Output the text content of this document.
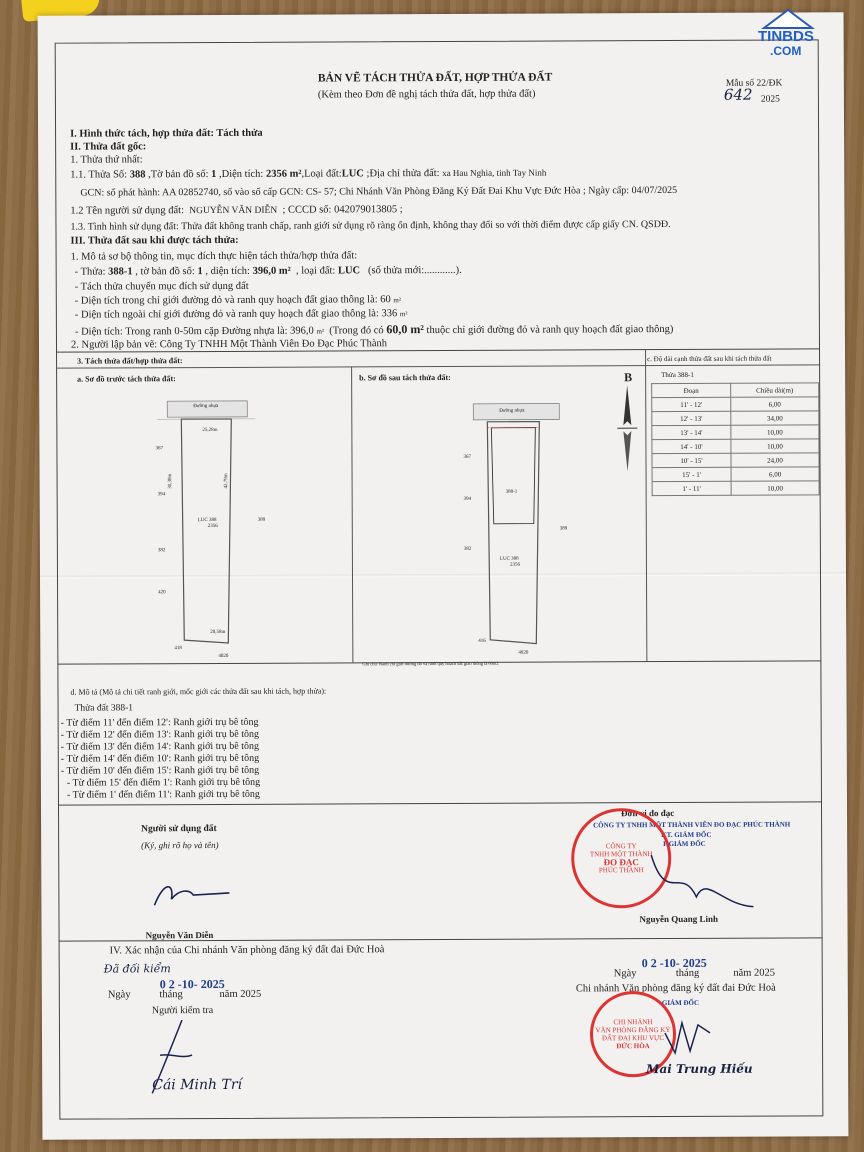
BẢN VẼ TÁCH THỬA ĐẤT, HỢP THỬA ĐẤT
(Kèm theo Đơn đề nghị tách thửa đất, hợp thửa đất)
Mẫu số 22/ĐK
642 2025
I. Hình thức tách, hợp thửa đất: Tách thửa
II. Thửa đất gốc:
1. Thửa thứ nhất:
1.1. Thửa Số: 388 ,Tờ bản đồ số: 1 ,Diện tích: 2356 m²,Loại đất:LUC ;Địa chỉ thửa đất: xa Hau Nghia, tinh Tay Ninh
GCN: số phát hành: AA 02852740, số vào số cấp GCN: CS- 57; Chi Nhánh Văn Phòng Đăng Ký Đất Đai Khu Vực Đức Hòa ; Ngày cấp: 04/07/2025
1.2 Tên người sử dụng đất: NGUYỄN VĂN DIỄN ; CCCD số: 042079013805 ;
1.3. Tình hình sử dụng đất: Thửa đất không tranh chấp, ranh giới sử dụng rõ ràng ổn định, không thay đổi so với thời điểm được cấp giấy CN. QSDĐ.
III. Thửa đất sau khi được tách thửa:
1. Mô tả sơ bộ thông tin, mục đích thực hiện tách thửa/hợp thửa đất:
- Thửa: 388-1 , tờ bản đồ số: 1 , diện tích: 396,0 m² , loại đất: LUC (số thửa mới:............).
- Tách thửa chuyển mục đích sử dụng đất
- Diện tích trong chỉ giới đường đỏ và ranh quy hoạch đất giao thông là: 60 m²
- Diện tích ngoài chỉ giới đường đỏ và ranh quy hoạch đất giao thông là: 336 m²
- Diện tích: Trong ranh 0-50m cặp Đường nhựa là: 396,0 m² (Trong đó có 60,0 m² thuộc chỉ giới đường đỏ và ranh quy hoạch đất giao thông)
2. Người lập bản vẽ: Công Ty TNHH Một Thành Viên Đo Đạc Phúc Thành
3. Tách thửa đất/hợp thửa đất:	c. Độ dài cạnh thửa đất sau khi tách thửa đất
a. Sơ đồ trước tách thửa đất:	b. Sơ đồ sau tách thửa đất:
Đường nhựa
25,28m
LUC 388
2356
30,38m	42,79m
20,58m
367
394
382
420
389
418
4020
Đường nhựa
388-1
LUC 388
2356
367
394
382
389
416
4020
Ghi chú: Ranh chỉ giới đường đỏ và ranh quy hoạch đất giao thông là 60m2
B	Thửa 388-1
Đoạn	Chiều dài(m)
11' - 12'	6,00
12' - 13'	34,00
13' - 14'	10,00
14' - 10'	10,00
10' - 15'	24,00
15' - 1'	6,00
1' - 11'	10,00
d. Mô tả (Mô tả chi tiết ranh giới, mốc giới các thửa đất sau khi tách, hợp thửa):
Thửa đất 388-1
- Từ điểm 11' đến điểm 12': Ranh giới trụ bê tông
- Từ điểm 12' đến điểm 13': Ranh giới trụ bê tông
- Từ điểm 13' đến điểm 14': Ranh giới trụ bê tông
- Từ điểm 14' đến điểm 10': Ranh giới trụ bê tông
- Từ điểm 10' đến điểm 15': Ranh giới trụ bê tông
- Từ điểm 15' đến điểm 1': Ranh giới trụ bê tông
- Từ điểm 1' đến điểm 11': Ranh giới trụ bê tông
Người sử dụng đất
(Ký, ghi rõ họ và tên)
Nguyễn Văn Diễn
Đơn vị đo đạc
CÔNG TY TNHH MỘT THÀNH VIÊN ĐO ĐẠC PHÚC THÀNH
KT. GIÁM ĐỐC
P.GIÁM ĐỐC
CÔNG TY
TNHH MỘT THÀNH
ĐO ĐẠC
PHÚC THÀNH
Nguyễn Quang Linh
IV. Xác nhận của Chi nhánh Văn phòng đăng ký đất đai Đức Hoà
Đã đối kiểm
Ngày	tháng	năm 2025
0 2 -10- 2025
Người kiểm tra
Cái Minh Trí
0 2 -10- 2025
Ngày	tháng	năm 2025
Chi nhánh Văn phòng đăng ký đất đai Đức Hoà
GIÁM ĐỐC
CHI NHÁNH
VĂN PHÒNG ĐĂNG KÝ
ĐẤT ĐAI KHU VỰC
ĐỨC HÒA
Mai Trung Hiếu
TINBDS
.COM
